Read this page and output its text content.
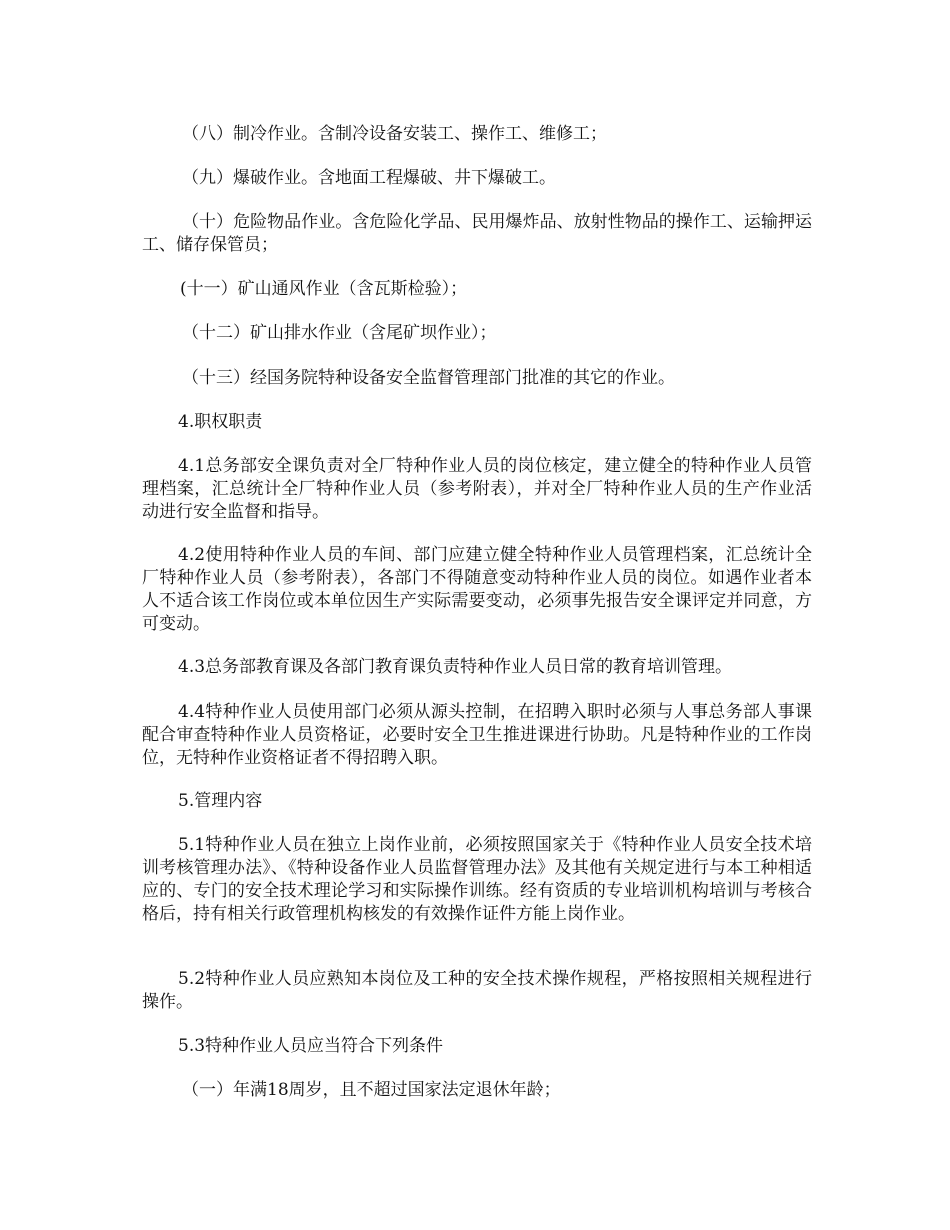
（八）制冷作业。含制冷设备安装工、操作工、维修工；

（九）爆破作业。含地面工程爆破、井下爆破工。

（十）危险物品作业。含危险化学品、民用爆炸品、放射性物品的操作工、运输押运工、储存保管员；

(十一）矿山通风作业（含瓦斯检验）；

（十二）矿山排水作业（含尾矿坝作业）；

（十三）经国务院特种设备安全监督管理部门批准的其它的作业。

4.职权职责

4.1总务部安全课负责对全厂特种作业人员的岗位核定，建立健全的特种作业人员管理档案，汇总统计全厂特种作业人员（参考附表），并对全厂特种作业人员的生产作业活动进行安全监督和指导。

4.2使用特种作业人员的车间、部门应建立健全特种作业人员管理档案，汇总统计全厂特种作业人员（参考附表），各部门不得随意变动特种作业人员的岗位。如遇作业者本人不适合该工作岗位或本单位因生产实际需要变动，必须事先报告安全课评定并同意，方可变动。

4.3总务部教育课及各部门教育课负责特种作业人员日常的教育培训管理。

4.4特种作业人员使用部门必须从源头控制，在招聘入职时必须与人事总务部人事课配合审查特种作业人员资格证，必要时安全卫生推进课进行协助。凡是特种作业的工作岗位，无特种作业资格证者不得招聘入职。

5.管理内容

5.1特种作业人员在独立上岗作业前，必须按照国家关于《特种作业人员安全技术培训考核管理办法》、《特种设备作业人员监督管理办法》及其他有关规定进行与本工种相适应的、专门的安全技术理论学习和实际操作训练。经有资质的专业培训机构培训与考核合格后，持有相关行政管理机构核发的有效操作证件方能上岗作业。

5.2特种作业人员应熟知本岗位及工种的安全技术操作规程，严格按照相关规程进行操作。

5.3特种作业人员应当符合下列条件

（一）年满18周岁，且不超过国家法定退休年龄；
